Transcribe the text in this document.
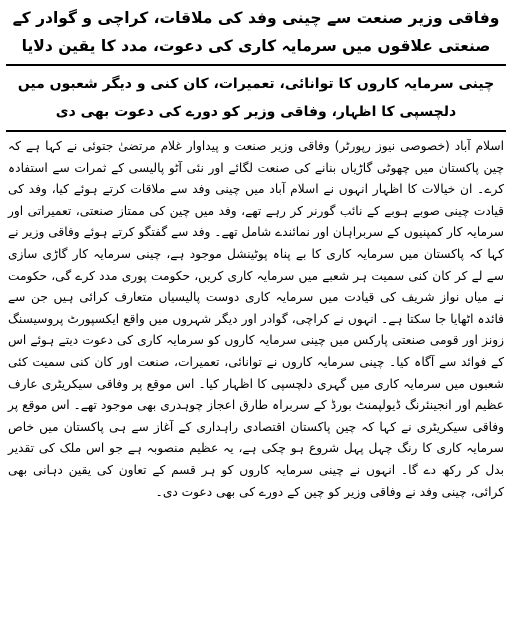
وفاقی وزیر صنعت سے چینی وفد کی ملاقات، کراچی و گوادر کے صنعتی علاقوں میں سرمایہ کاری کی دعوت، مدد کا یقین دلایا
چینی سرمایہ کاروں کا توانائی، تعمیرات، کان کنی و دیگر شعبوں میں دلچسپی کا اظہار، وفاقی وزیر کو دورے کی دعوت بھی دی

اسلام آباد (خصوصی نیوز رپورٹر) وفاقی وزیر صنعت و پیداوار غلام مرتضیٰ جتوئی نے کہا ہے کہ چین پاکستان میں چھوٹی گاڑیاں بنانے کی صنعت لگائے اور نئی آٹو پالیسی کے ثمرات سے استفادہ کرے۔ ان خیالات کا اظہار انہوں نے اسلام آباد میں چینی وفد سے ملاقات کرتے ہوئے کیا، وفد کی قیادت چینی صوبے ہوبے کے نائب گورنر کر رہے تھے، وفد میں چین کی ممتاز صنعتی، تعمیراتی اور سرمایہ کار کمپنیوں کے سربراہان اور نمائندے شامل تھے۔ وفد سے گفتگو کرتے ہوئے وفاقی وزیر نے کہا کہ پاکستان میں سرمایہ کاری کا بے پناہ پوٹینشل موجود ہے، چینی سرمایہ کار گاڑی سازی سے لے کر کان کنی سمیت ہر شعبے میں سرمایہ کاری کریں، حکومت پوری مدد کرے گی، حکومت نے میاں نواز شریف کی قیادت میں سرمایہ کاری دوست پالیسیاں متعارف کرائی ہیں جن سے فائدہ اٹھایا جا سکتا ہے۔ انہوں نے کراچی، گوادر اور دیگر شہروں میں واقع ایکسپورٹ پروسیسنگ زونز اور قومی صنعتی پارکس میں چینی سرمایہ کاروں کو سرمایہ کاری کی دعوت دیتے ہوئے اس کے فوائد سے آگاہ کیا۔ چینی سرمایہ کاروں نے توانائی، تعمیرات، صنعت اور کان کنی سمیت کئی شعبوں میں سرمایہ کاری میں گہری دلچسپی کا اظہار کیا۔ اس موقع پر وفاقی سیکریٹری عارف عظیم اور انجینئرنگ ڈیولپمنٹ بورڈ کے سربراہ طارق اعجاز چوہدری بھی موجود تھے۔ اس موقع پر وفاقی سیکریٹری نے کہا کہ چین پاکستان اقتصادی راہداری کے آغاز سے ہی پاکستان میں خاص سرمایہ کاری کا رنگ چہل پہل شروع ہو چکی ہے، یہ عظیم منصوبہ ہے جو اس ملک کی تقدیر بدل کر رکھ دے گا۔ انہوں نے چینی سرمایہ کاروں کو ہر قسم کے تعاون کی یقین دہانی بھی کرائی، چینی وفد نے وفاقی وزیر کو چین کے دورے کی بھی دعوت دی۔
